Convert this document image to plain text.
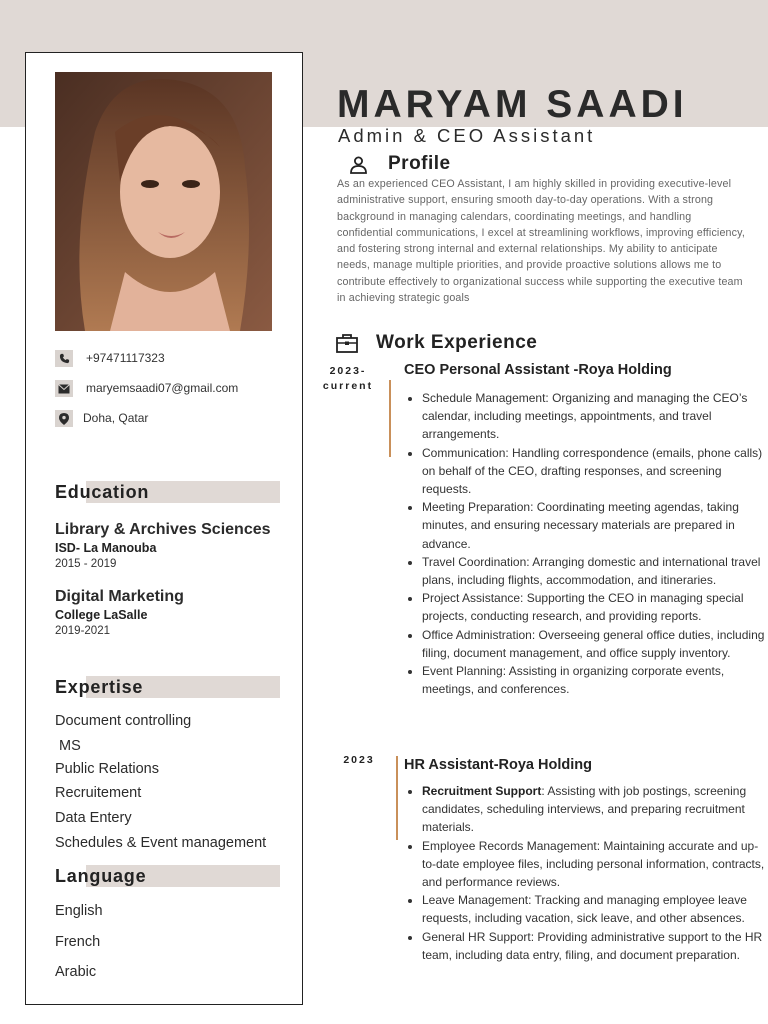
+97471117323
maryemsaadi07@gmail.com
Doha, Qatar
Education
Library & Archives Sciences
ISD- La Manouba
2015 - 2019
Digital Marketing
College LaSalle
2019-2021
Expertise
Document controlling
MS
Public Relations
Recruitement
Data Entery
Schedules & Event management
Language
English
French
Arabic
MARYAM SAADI
Admin & CEO Assistant
Profile
As an experienced CEO Assistant, I am highly skilled in providing executive-level administrative support, ensuring smooth day-to-day operations. With a strong background in managing calendars, coordinating meetings, and handling confidential communications, I excel at streamlining workflows, improving efficiency, and fostering strong internal and external relationships. My ability to anticipate needs, manage multiple priorities, and provide proactive solutions allows me to contribute effectively to organizational success while supporting the executive team in achieving strategic goals
Work Experience
2023-
current
CEO Personal Assistant -Roya Holding
• Schedule Management: Organizing and managing the CEO’s calendar, including meetings, appointments, and travel arrangements.
• Communication: Handling correspondence (emails, phone calls) on behalf of the CEO, drafting responses, and screening requests.
• Meeting Preparation: Coordinating meeting agendas, taking minutes, and ensuring necessary materials are prepared in advance.
• Travel Coordination: Arranging domestic and international travel plans, including flights, accommodation, and itineraries.
• Project Assistance: Supporting the CEO in managing special projects, conducting research, and providing reports.
• Office Administration: Overseeing general office duties, including filing, document management, and office supply inventory.
• Event Planning: Assisting in organizing corporate events, meetings, and conferences.
2023	HR Assistant-Roya Holding
• Recruitment Support: Assisting with job postings, screening candidates, scheduling interviews, and preparing recruitment materials.
• Employee Records Management: Maintaining accurate and up-to-date employee files, including personal information, contracts, and performance reviews.
• Leave Management: Tracking and managing employee leave requests, including vacation, sick leave, and other absences.
• General HR Support: Providing administrative support to the HR team, including data entry, filing, and document preparation.
